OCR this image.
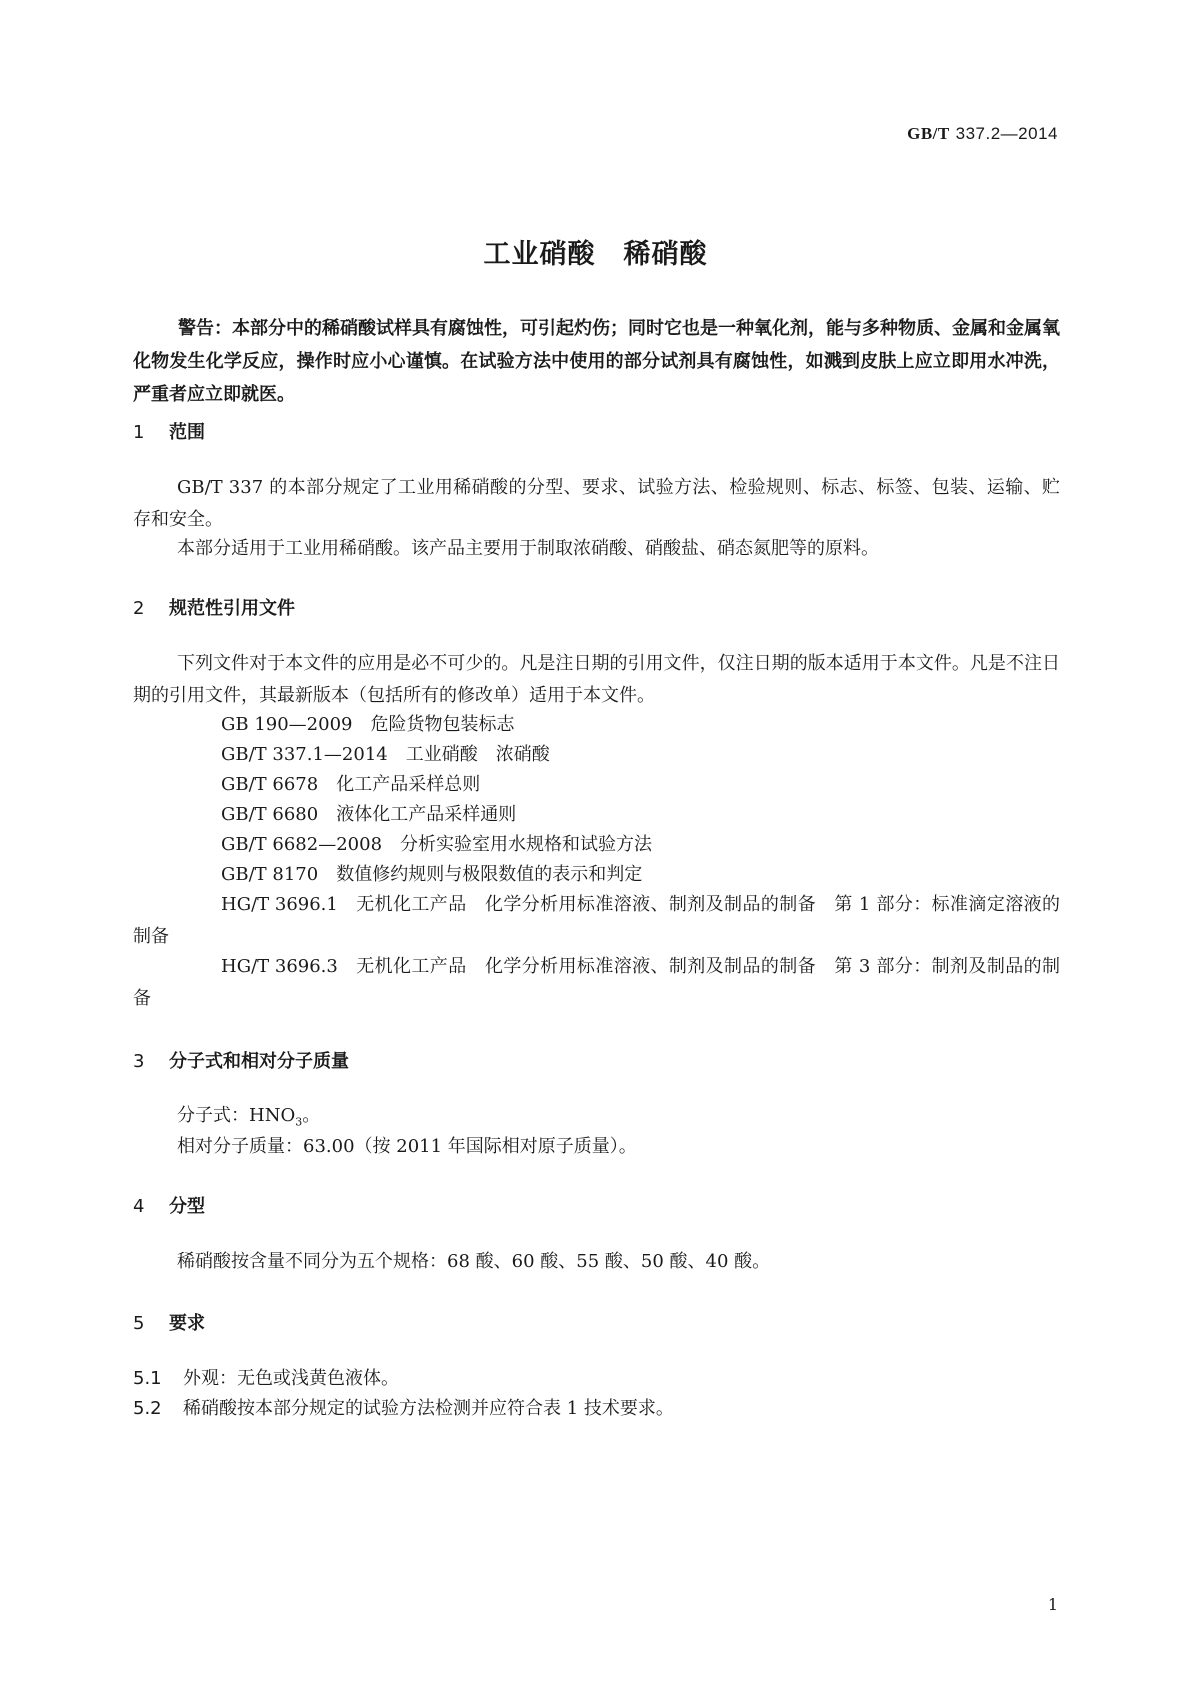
GB/T 337.2—2014
工业硝酸　稀硝酸

警告：本部分中的稀硝酸试样具有腐蚀性，可引起灼伤；同时它也是一种氧化剂，能与多种物质、金属和金属氧化物发生化学反应，操作时应小心谨慎。在试验方法中使用的部分试剂具有腐蚀性，如溅到皮肤上应立即用水冲洗，严重者应立即就医。

1 范围

GB/T 337 的本部分规定了工业用稀硝酸的分型、要求、试验方法、检验规则、标志、标签、包装、运输、贮存和安全。

本部分适用于工业用稀硝酸。该产品主要用于制取浓硝酸、硝酸盐、硝态氮肥等的原料。

2 规范性引用文件

下列文件对于本文件的应用是必不可少的。凡是注日期的引用文件，仅注日期的版本适用于本文件。凡是不注日期的引用文件，其最新版本（包括所有的修改单）适用于本文件。

GB 190—2009 危险货物包装标志

GB/T 337.1—2014 工业硝酸　浓硝酸

GB/T 6678 化工产品采样总则

GB/T 6680 液体化工产品采样通则

GB/T 6682—2008 分析实验室用水规格和试验方法

GB/T 8170 数值修约规则与极限数值的表示和判定

HG/T 3696.1 无机化工产品　化学分析用标准溶液、制剂及制品的制备　第 1 部分：标准滴定溶液的制备

HG/T 3696.3 无机化工产品　化学分析用标准溶液、制剂及制品的制备　第 3 部分：制剂及制品的制备

3 分子式和相对分子质量

分子式：$HNO_3$。

相对分子质量：63.00（按 2011 年国际相对原子质量）。

4 分型

稀硝酸按含量不同分为五个规格：68 酸、60 酸、55 酸、50 酸、40 酸。

5 要求

5.1 外观：无色或浅黄色液体。

5.2 稀硝酸按本部分规定的试验方法检测并应符合表 1 技术要求。

1
